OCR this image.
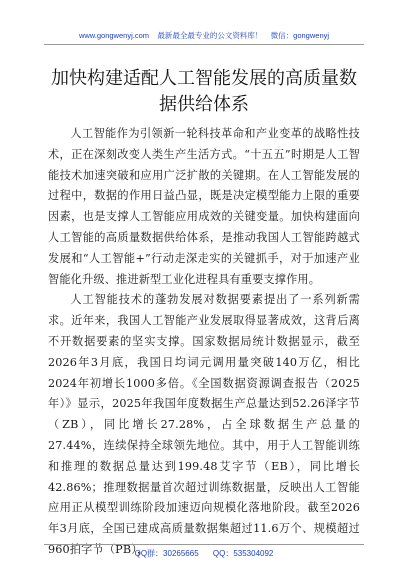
www.gongwenyj.com 最新最全最专业的公文资料库！ 微信：gongwenyj
加快构建适配人工智能发展的高质量数据供给体系

人工智能作为引领新一轮科技革命和产业变革的战略性技术，正在深刻改变人类生产生活方式。“十五五”时期是人工智能技术加速突破和应用广泛扩散的关键期。在人工智能发展的过程中，数据的作用日益凸显，既是决定模型能力上限的重要因素，也是支撑人工智能应用成效的关键变量。加快构建面向人工智能的高质量数据供给体系，是推动我国人工智能跨越式发展和“人工智能+”行动走深走实的关键抓手，对于加速产业智能化升级、推进新型工业化进程具有重要支撑作用。

人工智能技术的蓬勃发展对数据要素提出了一系列新需求。近年来，我国人工智能产业发展取得显著成效，这背后离不开数据要素的坚实支撑。国家数据局统计数据显示，截至2026年3月底，我国日均词元调用量突破140万亿，相比2024年初增长1000多倍。《全国数据资源调查报告（2025年）》显示，2025年我国年度数据生产总量达到52.26泽字节（ZB），同比增长27.28%，占全球数据生产总量的27.44%，连续保持全球领先地位。其中，用于人工智能训练和推理的数据总量达到199.48艾字节（EB），同比增长42.86%；推理数据量首次超过训练数据量，反映出人工智能应用正从模型训练阶段加速迈向规模化落地阶段。截至2026年3月底，全国已建成高质量数据集超过11.6万个、规模超过960拍字节（PB），

QQ群：30265665 QQ：535304092
